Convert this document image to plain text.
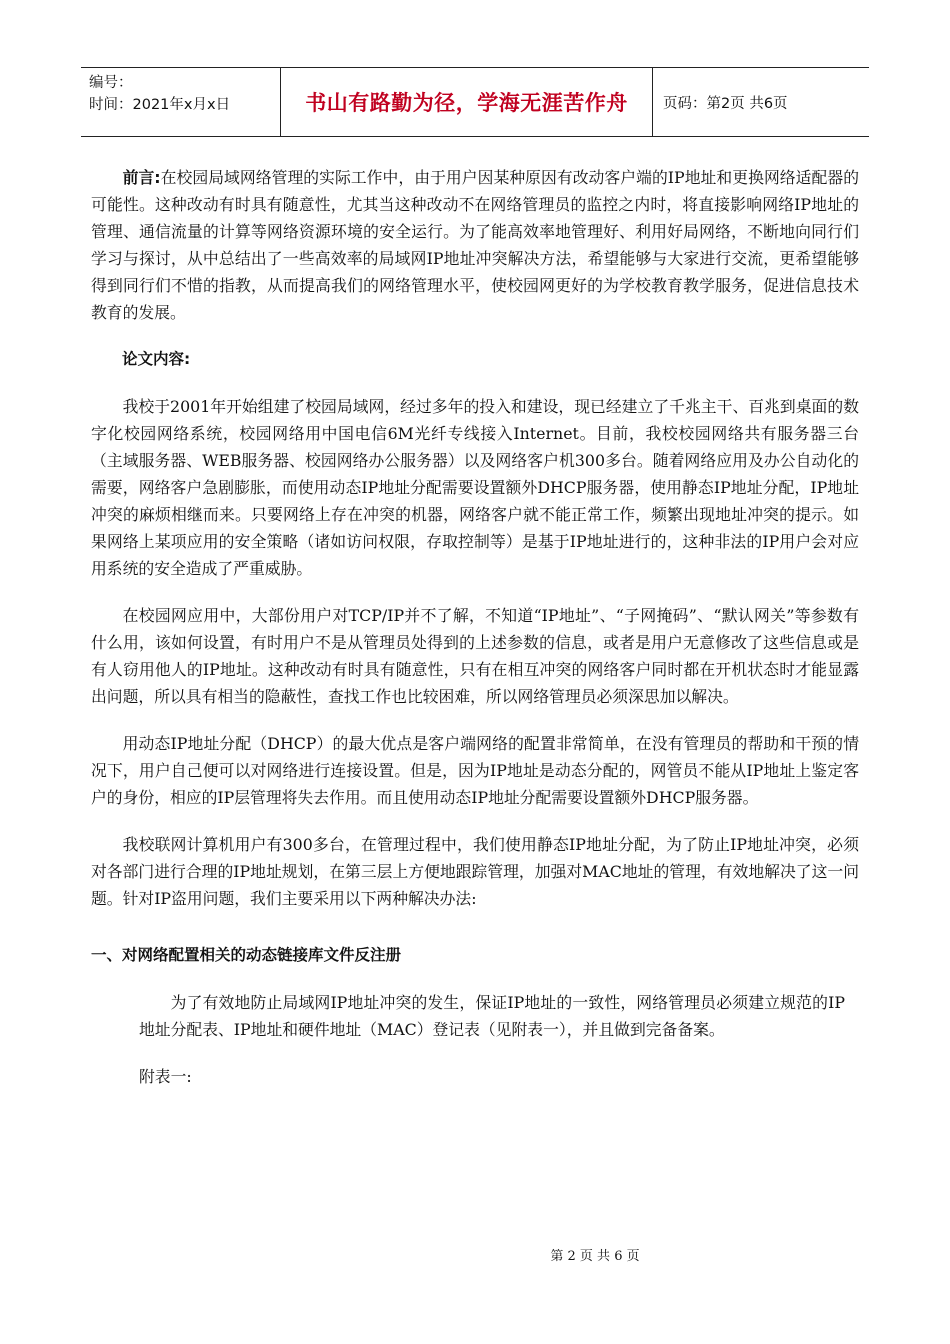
编号：
时间：2021年x月x日	书山有路勤为径，学海无涯苦作舟	页码：第2页 共6页

前言:在校园局域网络管理的实际工作中，由于用户因某种原因有改动客户端的IP地址和更换网络适配器的可能性。这种改动有时具有随意性，尤其当这种改动不在网络管理员的监控之内时，将直接影响网络IP地址的管理、通信流量的计算等网络资源环境的安全运行。为了能高效率地管理好、利用好局网络，不断地向同行们学习与探讨，从中总结出了一些高效率的局域网IP地址冲突解决方法，希望能够与大家进行交流，更希望能够得到同行们不惜的指教，从而提高我们的网络管理水平，使校园网更好的为学校教育教学服务，促进信息技术教育的发展。

论文内容:

我校于2001年开始组建了校园局域网，经过多年的投入和建设，现已经建立了千兆主干、百兆到桌面的数字化校园网络系统，校园网络用中国电信6M光纤专线接入Internet。目前，我校校园网络共有服务器三台（主域服务器、WEB服务器、校园网络办公服务器）以及网络客户机300多台。随着网络应用及办公自动化的需要，网络客户急剧膨胀，而使用动态IP地址分配需要设置额外DHCP服务器，使用静态IP地址分配，IP地址冲突的麻烦相继而来。只要网络上存在冲突的机器，网络客户就不能正常工作，频繁出现地址冲突的提示。如果网络上某项应用的安全策略（诸如访问权限，存取控制等）是基于IP地址进行的，这种非法的IP用户会对应用系统的安全造成了严重威胁。

在校园网应用中，大部份用户对TCP/IP并不了解，不知道“IP地址”、“子网掩码”、“默认网关”等参数有什么用，该如何设置，有时用户不是从管理员处得到的上述参数的信息，或者是用户无意修改了这些信息或是有人窃用他人的IP地址。这种改动有时具有随意性，只有在相互冲突的网络客户同时都在开机状态时才能显露出问题，所以具有相当的隐蔽性，查找工作也比较困难，所以网络管理员必须深思加以解决。

用动态IP地址分配（DHCP）的最大优点是客户端网络的配置非常简单，在没有管理员的帮助和干预的情况下，用户自己便可以对网络进行连接设置。但是，因为IP地址是动态分配的，网管员不能从IP地址上鉴定客户的身份，相应的IP层管理将失去作用。而且使用动态IP地址分配需要设置额外DHCP服务器。

我校联网计算机用户有300多台，在管理过程中，我们使用静态IP地址分配，为了防止IP地址冲突，必须对各部门进行合理的IP地址规划，在第三层上方便地跟踪管理，加强对MAC地址的管理，有效地解决了这一问题。针对IP盗用问题，我们主要采用以下两种解决办法:

一、对网络配置相关的动态链接库文件反注册

为了有效地防止局域网IP地址冲突的发生，保证IP地址的一致性，网络管理员必须建立规范的IP地址分配表、IP地址和硬件地址（MAC）登记表（见附表一），并且做到完备备案。

附表一:

第 2 页 共 6 页
